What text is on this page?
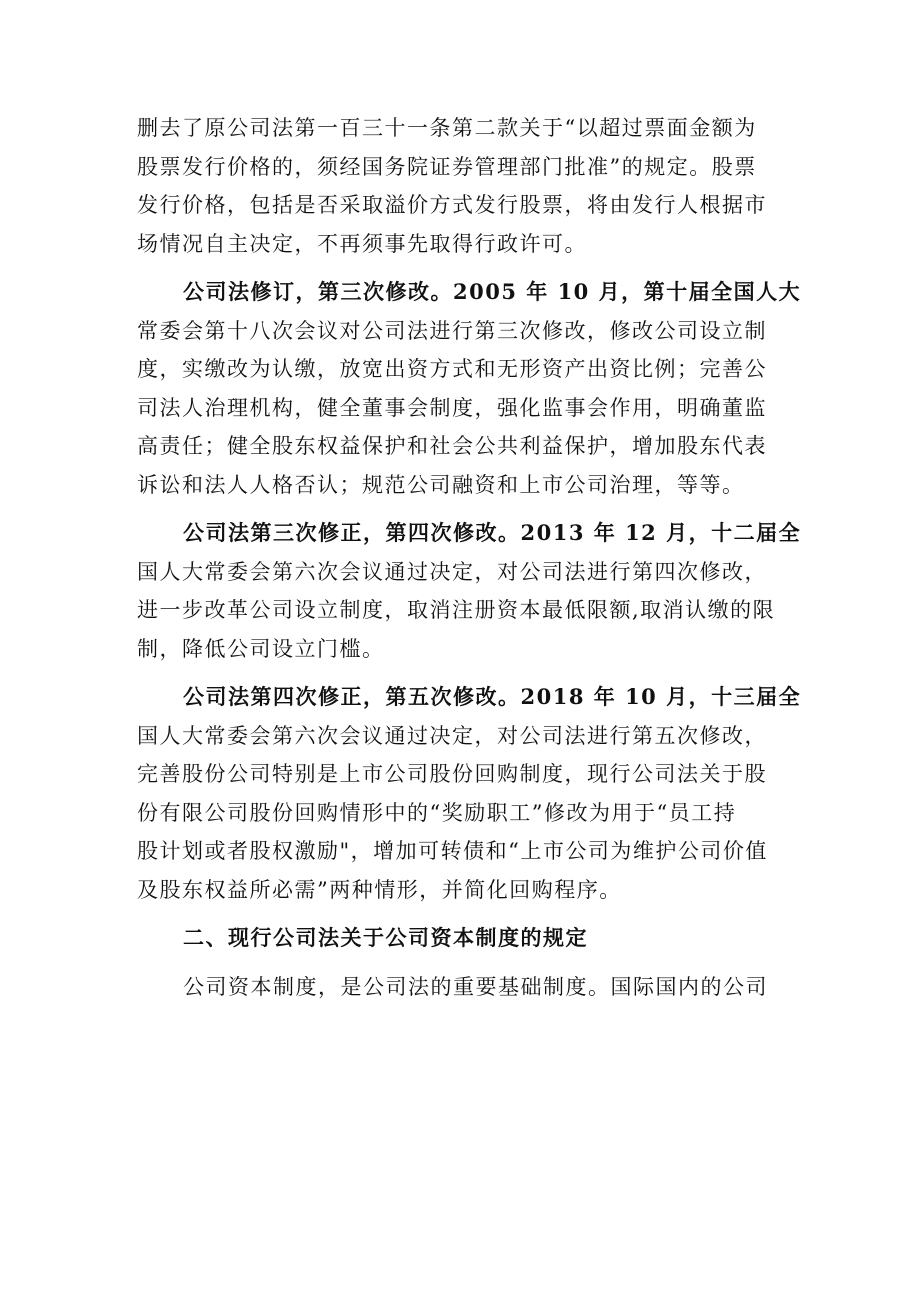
删去了原公司法第一百三十一条第二款关于“以超过票面金额为
股票发行价格的，须经国务院证券管理部门批准”的规定。股票
发行价格，包括是否采取溢价方式发行股票，将由发行人根据市
场情况自主决定，不再须事先取得行政许可。
公司法修订，第三次修改。2005 年 10 月，第十届全国人大
常委会第十八次会议对公司法进行第三次修改，修改公司设立制
度，实缴改为认缴，放宽出资方式和无形资产出资比例；完善公
司法人治理机构，健全董事会制度，强化监事会作用，明确董监
高责任；健全股东权益保护和社会公共利益保护，增加股东代表
诉讼和法人人格否认；规范公司融资和上市公司治理，等等。
公司法第三次修正，第四次修改。2013 年 12 月，十二届全
国人大常委会第六次会议通过决定，对公司法进行第四次修改，
进一步改革公司设立制度，取消注册资本最低限额,取消认缴的限
制，降低公司设立门槛。
公司法第四次修正，第五次修改。2018 年 10 月，十三届全
国人大常委会第六次会议通过决定，对公司法进行第五次修改，
完善股份公司特别是上市公司股份回购制度，现行公司法关于股
份有限公司股份回购情形中的“奖励职工”修改为用于“员工持
股计划或者股权激励"，增加可转债和“上市公司为维护公司价值
及股东权益所必需”两种情形，并简化回购程序。
二、现行公司法关于公司资本制度的规定
公司资本制度，是公司法的重要基础制度。国际国内的公司
